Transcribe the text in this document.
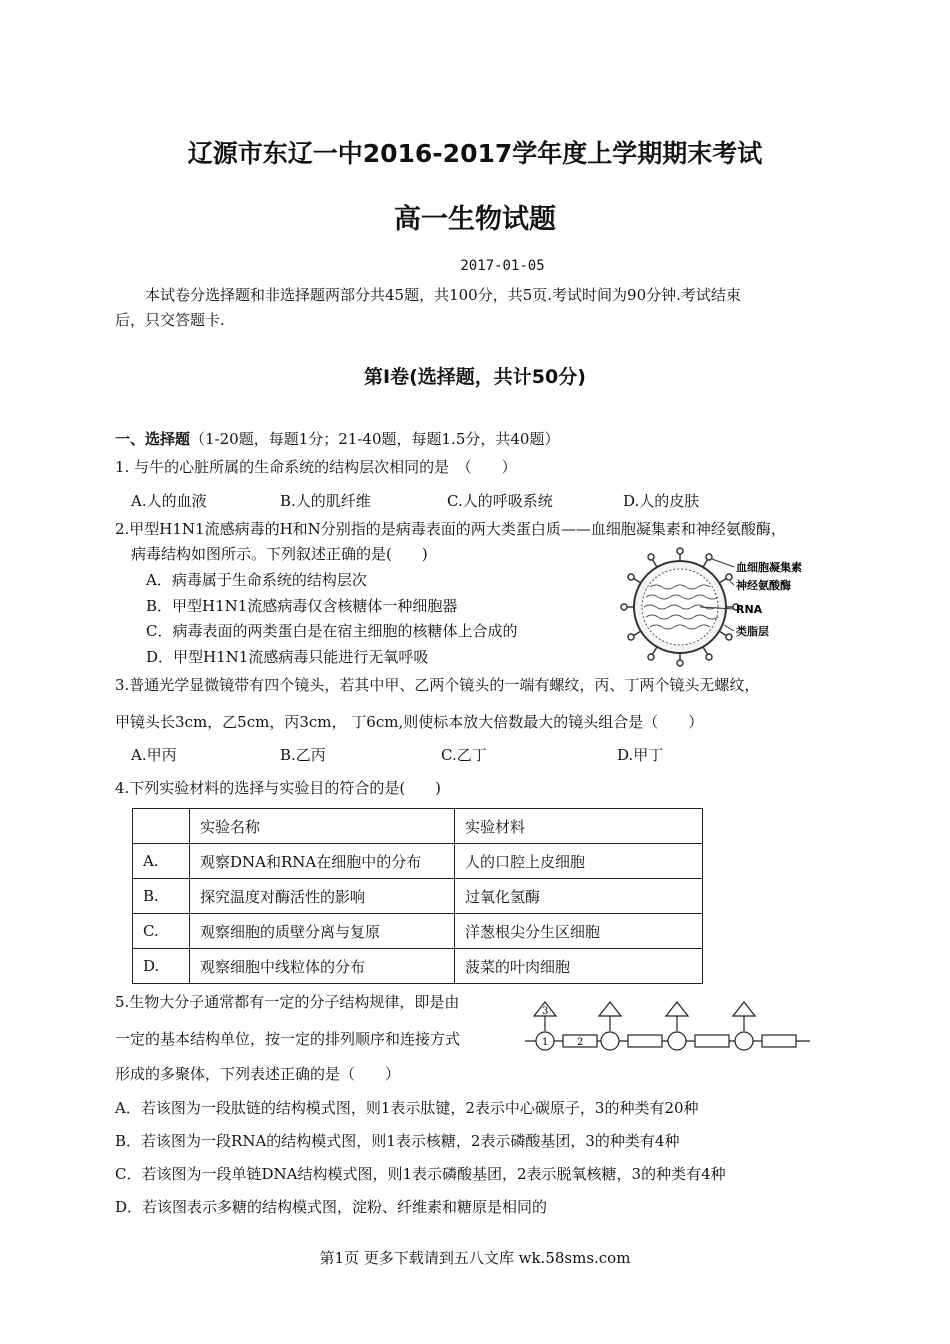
辽源市东辽一中2016-2017学年度上学期期末考试
高一生物试题
2017-01-05
本试卷分选择题和非选择题两部分共45题，共100分，共5页.考试时间为90分钟.考试结束
后，只交答题卡.
第Ⅰ卷(选择题，共计50分)
一、选择题（1-20题，每题1分；21-40题，每题1.5分，共40题）
1. 与牛的心脏所属的生命系统的结构层次相同的是　（　　）
A.人的血液	B.人的肌纤维	C.人的呼吸系统	D.人的皮肤
2.甲型H1N1流感病毒的H和N分别指的是病毒表面的两大类蛋白质——血细胞凝集素和神经氨酸酶，
病毒结构如图所示。下列叙述正确的是(　　)
A．病毒属于生命系统的结构层次
B．甲型H1N1流感病毒仅含核糖体一种细胞器
C．病毒表面的两类蛋白是在宿主细胞的核糖体上合成的
D．甲型H1N1流感病毒只能进行无氧呼吸
血细胞凝集素
神经氨酸酶
RNA
类脂层
3.普通光学显微镜带有四个镜头，若其中甲、乙两个镜头的一端有螺纹，丙、丁两个镜头无螺纹，
甲镜头长3cm，乙5cm，丙3cm， 丁6cm,则使标本放大倍数最大的镜头组合是（　　）
A.甲丙	B.乙丙	C.乙丁	D.甲丁
4.下列实验材料的选择与实验目的符合的是(　　)
	实验名称	实验材料
A.	观察DNA和RNA在细胞中的分布	人的口腔上皮细胞
B.	探究温度对酶活性的影响	过氧化氢酶
C.	观察细胞的质壁分离与复原	洋葱根尖分生区细胞
D.	观察细胞中线粒体的分布	菠菜的叶肉细胞
5.生物大分子通常都有一定的分子结构规律，即是由
一定的基本结构单位，按一定的排列顺序和连接方式
形成的多聚体，下列表述正确的是（　　）
3
1	2
A．若该图为一段肽链的结构模式图，则1表示肽键，2表示中心碳原子，3的种类有20种
B．若该图为一段RNA的结构模式图，则1表示核糖，2表示磷酸基团，3的种类有4种
C．若该图为一段单链DNA结构模式图，则1表示磷酸基团，2表示脱氧核糖，3的种类有4种
D．若该图表示多糖的结构模式图，淀粉、纤维素和糖原是相同的
第1页 更多下载请到五八文库 wk.58sms.com
